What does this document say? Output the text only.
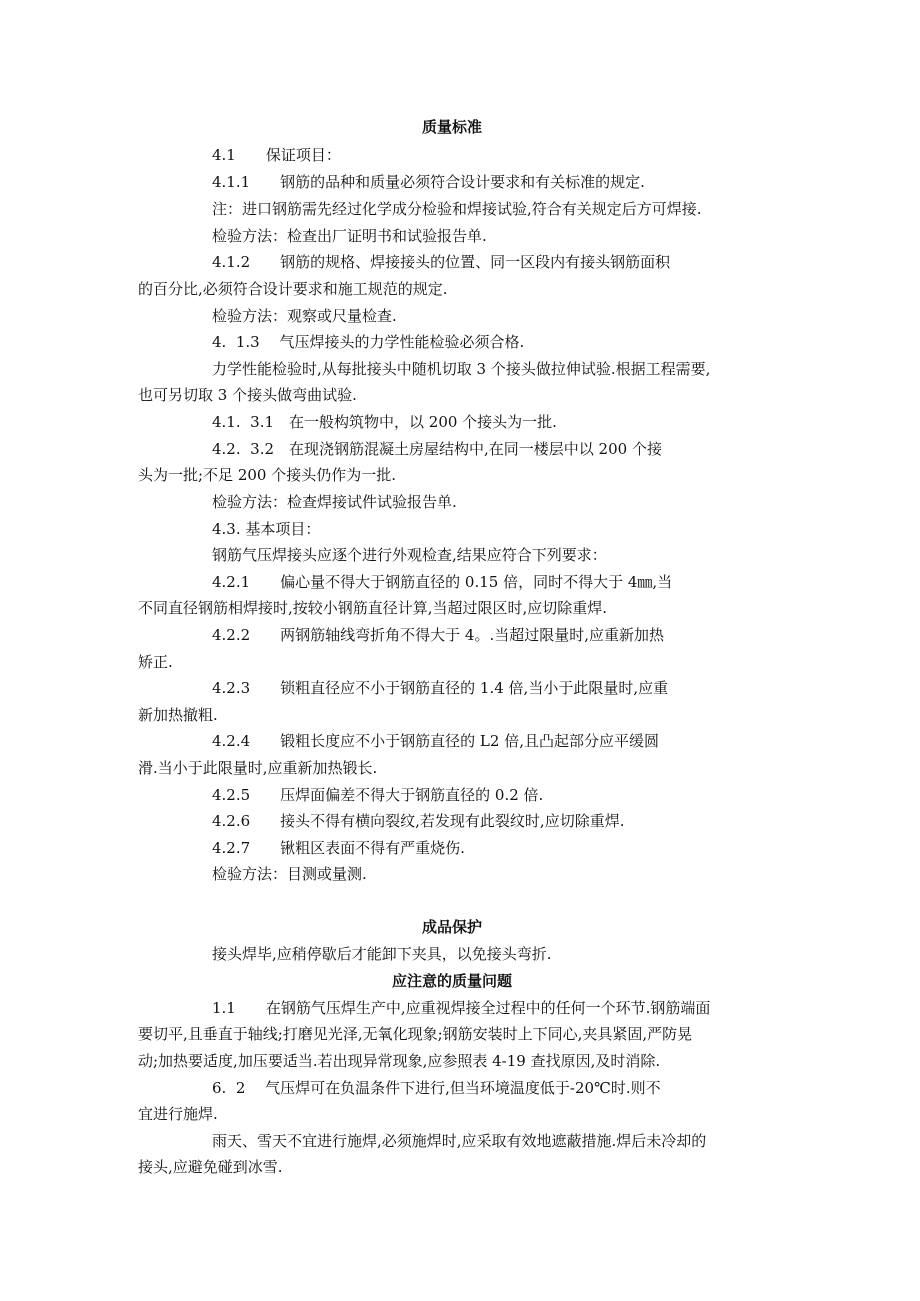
质量标准
4.1　　保证项目：
4.1.1　　钢筋的品种和质量必须符合设计要求和有关标准的规定.
注：进口钢筋需先经过化学成分检验和焊接试验,符合有关规定后方可焊接.
检验方法：检查出厂证明书和试验报告单.
4.1.2　　钢筋的规格、焊接接头的位置、同一区段内有接头钢筋面积
的百分比,必须符合设计要求和施工规范的规定.
检验方法：观察或尺量检查.
4.  1.3　 气压焊接头的力学性能检验必须合格.
力学性能检验时,从每批接头中随机切取 3 个接头做拉伸试验.根据工程需要,
也可另切取 3 个接头做弯曲试验.
4.1.  3.1　在一般构筑物中，以 200 个接头为一批.
4.2.  3.2　在现浇钢筋混凝土房屋结构中,在同一楼层中以 200 个接
头为一批;不足 200 个接头仍作为一批.
检验方法：检查焊接试件试验报告单.
4.3. 基本项目：
钢筋气压焊接头应逐个进行外观检查,结果应符合下列要求：
4.2.1　　偏心量不得大于钢筋直径的 0.15 倍，同时不得大于 4㎜,当
不同直径钢筋相焊接时,按较小钢筋直径计算,当超过限区时,应切除重焊.
4.2.2　　两钢筋轴线弯折角不得大于 4。.当超过限量时,应重新加热
矫正.
4.2.3　　锁粗直径应不小于钢筋直径的 1.4 倍,当小于此限量时,应重
新加热撤粗.
4.2.4　　锻粗长度应不小于钢筋直径的 L2 倍,且凸起部分应平缓圆
滑.当小于此限量时,应重新加热锻长.
4.2.5　　压焊面偏差不得大于钢筋直径的 0.2 倍.
4.2.6　　接头不得有横向裂纹,若发现有此裂纹时,应切除重焊.
4.2.7　　锹粗区表面不得有严重烧伤.
检验方法：目测或量测.
成品保护
接头焊毕,应稍停歇后才能卸下夹具，以免接头弯折.
应注意的质量问题
1.1　　在钢筋气压焊生产中,应重视焊接全过程中的任何一个环节.钢筋端面
要切平,且垂直于轴线;打磨见光泽,无氧化现象;钢筋安装时上下同心,夹具紧固,严防晃
动;加热要适度,加压要适当.若出现异常现象,应参照表 4-19 查找原因,及时消除.
6.  2　 气压焊可在负温条件下进行,但当环境温度低于-20℃时.则不
宜进行施焊.
雨天、雪天不宜进行施焊,必须施焊时,应采取有效地遮蔽措施.焊后未冷却的
接头,应避免碰到冰雪.
